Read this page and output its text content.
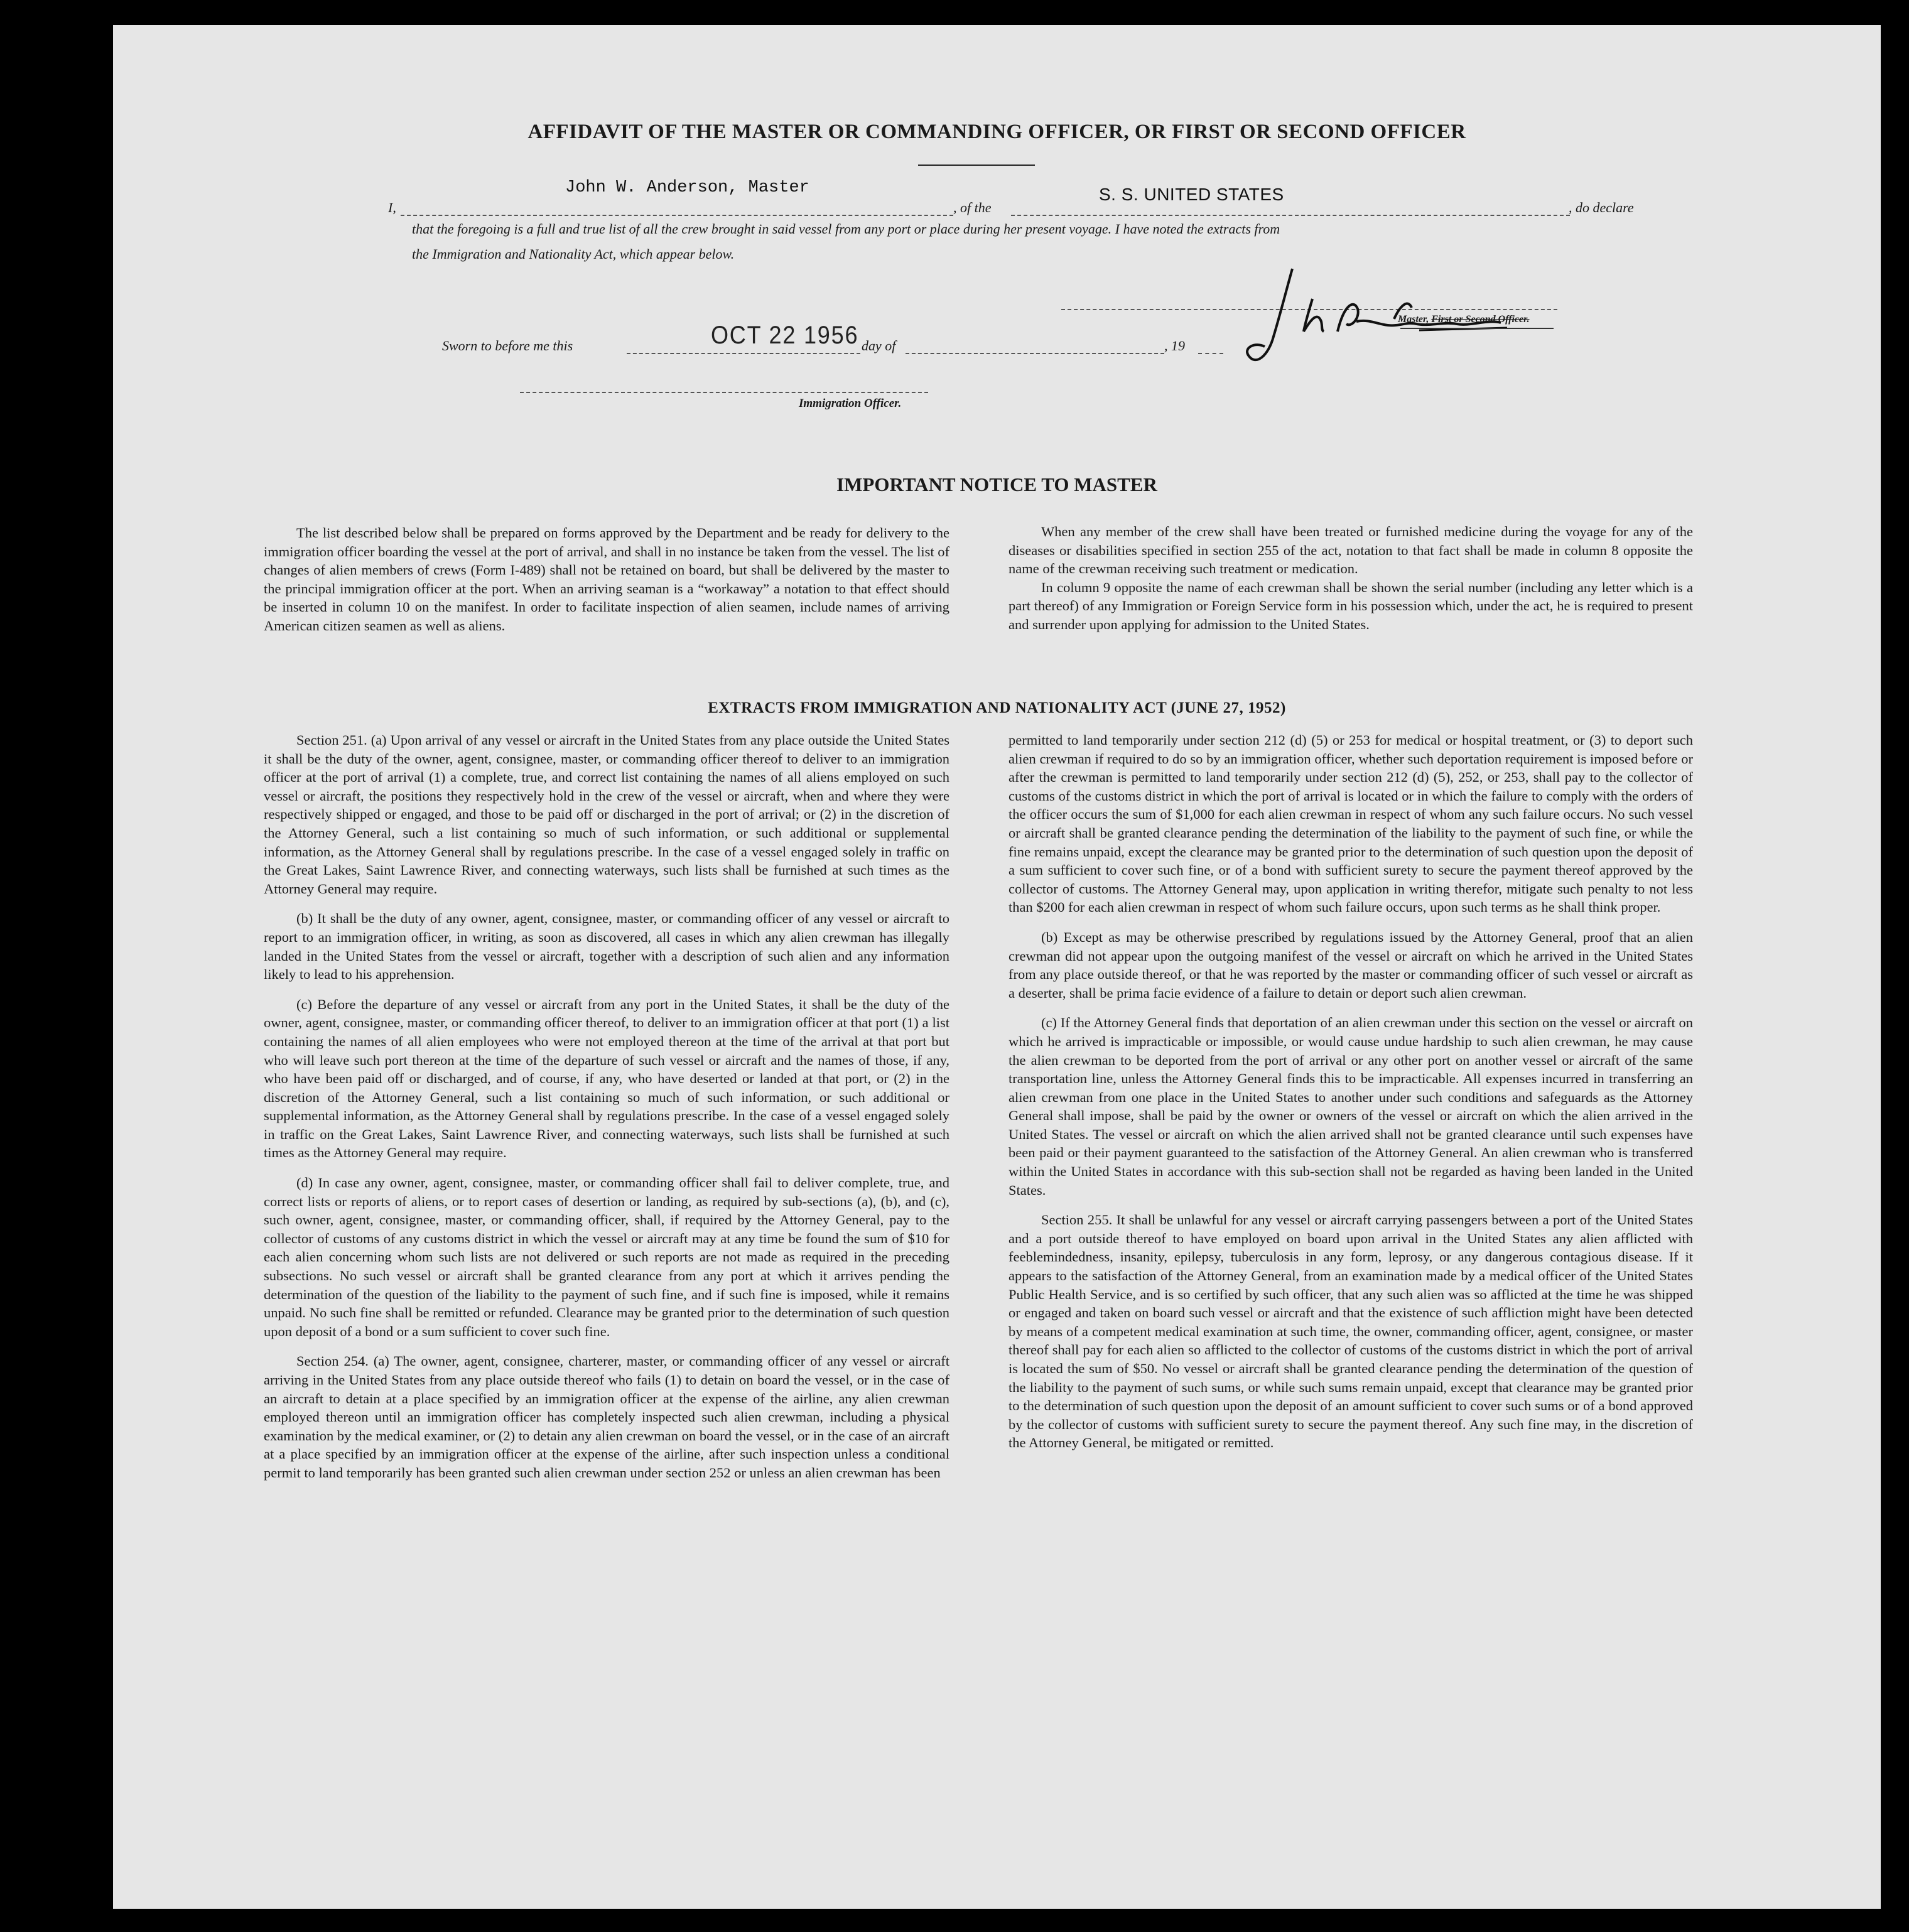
AFFIDAVIT OF THE MASTER OR COMMANDING OFFICER, OR FIRST OR SECOND OFFICER
I,
John W. Anderson, Master
, of the
S. S. UNITED STATES
, do declare
that the foregoing is a full and true list of all the crew brought in said vessel from any port or place during her present voyage. I have noted the extracts from
the Immigration and Nationality Act, which appear below.
Master, First or Second Officer.
Sworn to before me this	OCT 22 1956 day of	, 19
Immigration Officer.
IMPORTANT NOTICE TO MASTER

The list described below shall be prepared on forms approved by the Department and be ready for delivery to the immigration officer boarding the vessel at the port of arrival, and shall in no instance be taken from the vessel. The list of changes of alien members of crews (Form I-489) shall not be retained on board, but shall be delivered by the master to the principal immigration officer at the port. When an arriving seaman is a “workaway” a notation to that effect should be inserted in column 10 on the manifest. In order to facilitate inspection of alien seamen, include names of arriving American citizen seamen as well as aliens.

When any member of the crew shall have been treated or furnished medicine during the voyage for any of the diseases or disabilities specified in section 255 of the act, notation to that fact shall be made in column 8 opposite the name of the crewman receiving such treatment or medication.

In column 9 opposite the name of each crewman shall be shown the serial number (including any letter which is a part thereof) of any Immigration or Foreign Service form in his possession which, under the act, he is required to present and surrender upon applying for admission to the United States.

EXTRACTS FROM IMMIGRATION AND NATIONALITY ACT (JUNE 27, 1952)

Section 251. (a) Upon arrival of any vessel or aircraft in the United States from any place outside the United States it shall be the duty of the owner, agent, consignee, master, or commanding officer thereof to deliver to an immigration officer at the port of arrival (1) a complete, true, and correct list containing the names of all aliens employed on such vessel or aircraft, the positions they respectively hold in the crew of the vessel or aircraft, when and where they were respectively shipped or engaged, and those to be paid off or discharged in the port of arrival; or (2) in the discretion of the Attorney General, such a list containing so much of such information, or such additional or supplemental information, as the Attorney General shall by regulations prescribe. In the case of a vessel engaged solely in traffic on the Great Lakes, Saint Lawrence River, and connecting waterways, such lists shall be furnished at such times as the Attorney General may require.

(b) It shall be the duty of any owner, agent, consignee, master, or commanding officer of any vessel or aircraft to report to an immigration officer, in writing, as soon as discovered, all cases in which any alien crewman has illegally landed in the United States from the vessel or aircraft, together with a description of such alien and any information likely to lead to his apprehension.

(c) Before the departure of any vessel or aircraft from any port in the United States, it shall be the duty of the owner, agent, consignee, master, or commanding officer thereof, to deliver to an immigration officer at that port (1) a list containing the names of all alien employees who were not employed thereon at the time of the arrival at that port but who will leave such port thereon at the time of the departure of such vessel or aircraft and the names of those, if any, who have been paid off or discharged, and of course, if any, who have deserted or landed at that port, or (2) in the discretion of the Attorney General, such a list containing so much of such information, or such additional or supplemental information, as the Attorney General shall by regulations prescribe. In the case of a vessel engaged solely in traffic on the Great Lakes, Saint Lawrence River, and connecting waterways, such lists shall be furnished at such times as the Attorney General may require.

(d) In case any owner, agent, consignee, master, or commanding officer shall fail to deliver complete, true, and correct lists or reports of aliens, or to report cases of desertion or landing, as required by sub-sections (a), (b), and (c), such owner, agent, consignee, master, or commanding officer, shall, if required by the Attorney General, pay to the collector of customs of any customs district in which the vessel or aircraft may at any time be found the sum of $10 for each alien concerning whom such lists are not delivered or such reports are not made as required in the preceding subsections. No such vessel or aircraft shall be granted clearance from any port at which it arrives pending the determination of the question of the liability to the payment of such fine, and if such fine is imposed, while it remains unpaid. No such fine shall be remitted or refunded. Clearance may be granted prior to the determination of such question upon deposit of a bond or a sum sufficient to cover such fine.

Section 254. (a) The owner, agent, consignee, charterer, master, or commanding officer of any vessel or aircraft arriving in the United States from any place outside thereof who fails (1) to detain on board the vessel, or in the case of an aircraft to detain at a place specified by an immigration officer at the expense of the airline, any alien crewman employed thereon until an immigration officer has completely inspected such alien crewman, including a physical examination by the medical examiner, or (2) to detain any alien crewman on board the vessel, or in the case of an aircraft at a place specified by an immigration officer at the expense of the airline, after such inspection unless a conditional permit to land temporarily has been granted such alien crewman under section 252 or unless an alien crewman has been

permitted to land temporarily under section 212 (d) (5) or 253 for medical or hospital treatment, or (3) to deport such alien crewman if required to do so by an immigration officer, whether such deportation requirement is imposed before or after the crewman is permitted to land temporarily under section 212 (d) (5), 252, or 253, shall pay to the collector of customs of the customs district in which the port of arrival is located or in which the failure to comply with the orders of the officer occurs the sum of $1,000 for each alien crewman in respect of whom any such failure occurs. No such vessel or aircraft shall be granted clearance pending the determination of the liability to the payment of such fine, or while the fine remains unpaid, except the clearance may be granted prior to the determination of such question upon the deposit of a sum sufficient to cover such fine, or of a bond with sufficient surety to secure the payment thereof approved by the collector of customs. The Attorney General may, upon application in writing therefor, mitigate such penalty to not less than $200 for each alien crewman in respect of whom such failure occurs, upon such terms as he shall think proper.

(b) Except as may be otherwise prescribed by regulations issued by the Attorney General, proof that an alien crewman did not appear upon the outgoing manifest of the vessel or aircraft on which he arrived in the United States from any place outside thereof, or that he was reported by the master or commanding officer of such vessel or aircraft as a deserter, shall be prima facie evidence of a failure to detain or deport such alien crewman.

(c) If the Attorney General finds that deportation of an alien crewman under this section on the vessel or aircraft on which he arrived is impracticable or impossible, or would cause undue hardship to such alien crewman, he may cause the alien crewman to be deported from the port of arrival or any other port on another vessel or aircraft of the same transportation line, unless the Attorney General finds this to be impracticable. All expenses incurred in transferring an alien crewman from one place in the United States to another under such conditions and safeguards as the Attorney General shall impose, shall be paid by the owner or owners of the vessel or aircraft on which the alien arrived in the United States. The vessel or aircraft on which the alien arrived shall not be granted clearance until such expenses have been paid or their payment guaranteed to the satisfaction of the Attorney General. An alien crewman who is transferred within the United States in accordance with this sub-section shall not be regarded as having been landed in the United States.

Section 255. It shall be unlawful for any vessel or aircraft carrying passengers between a port of the United States and a port outside thereof to have employed on board upon arrival in the United States any alien afflicted with feeblemindedness, insanity, epilepsy, tuberculosis in any form, leprosy, or any dangerous contagious disease. If it appears to the satisfaction of the Attorney General, from an examination made by a medical officer of the United States Public Health Service, and is so certified by such officer, that any such alien was so afflicted at the time he was shipped or engaged and taken on board such vessel or aircraft and that the existence of such affliction might have been detected by means of a competent medical examination at such time, the owner, commanding officer, agent, consignee, or master thereof shall pay for each alien so afflicted to the collector of customs of the customs district in which the port of arrival is located the sum of $50. No vessel or aircraft shall be granted clearance pending the determination of the question of the liability to the payment of such sums, or while such sums remain unpaid, except that clearance may be granted prior to the determination of such question upon the deposit of an amount sufficient to cover such sums or of a bond approved by the collector of customs with sufficient surety to secure the payment thereof. Any such fine may, in the discretion of the Attorney General, be mitigated or remitted.
